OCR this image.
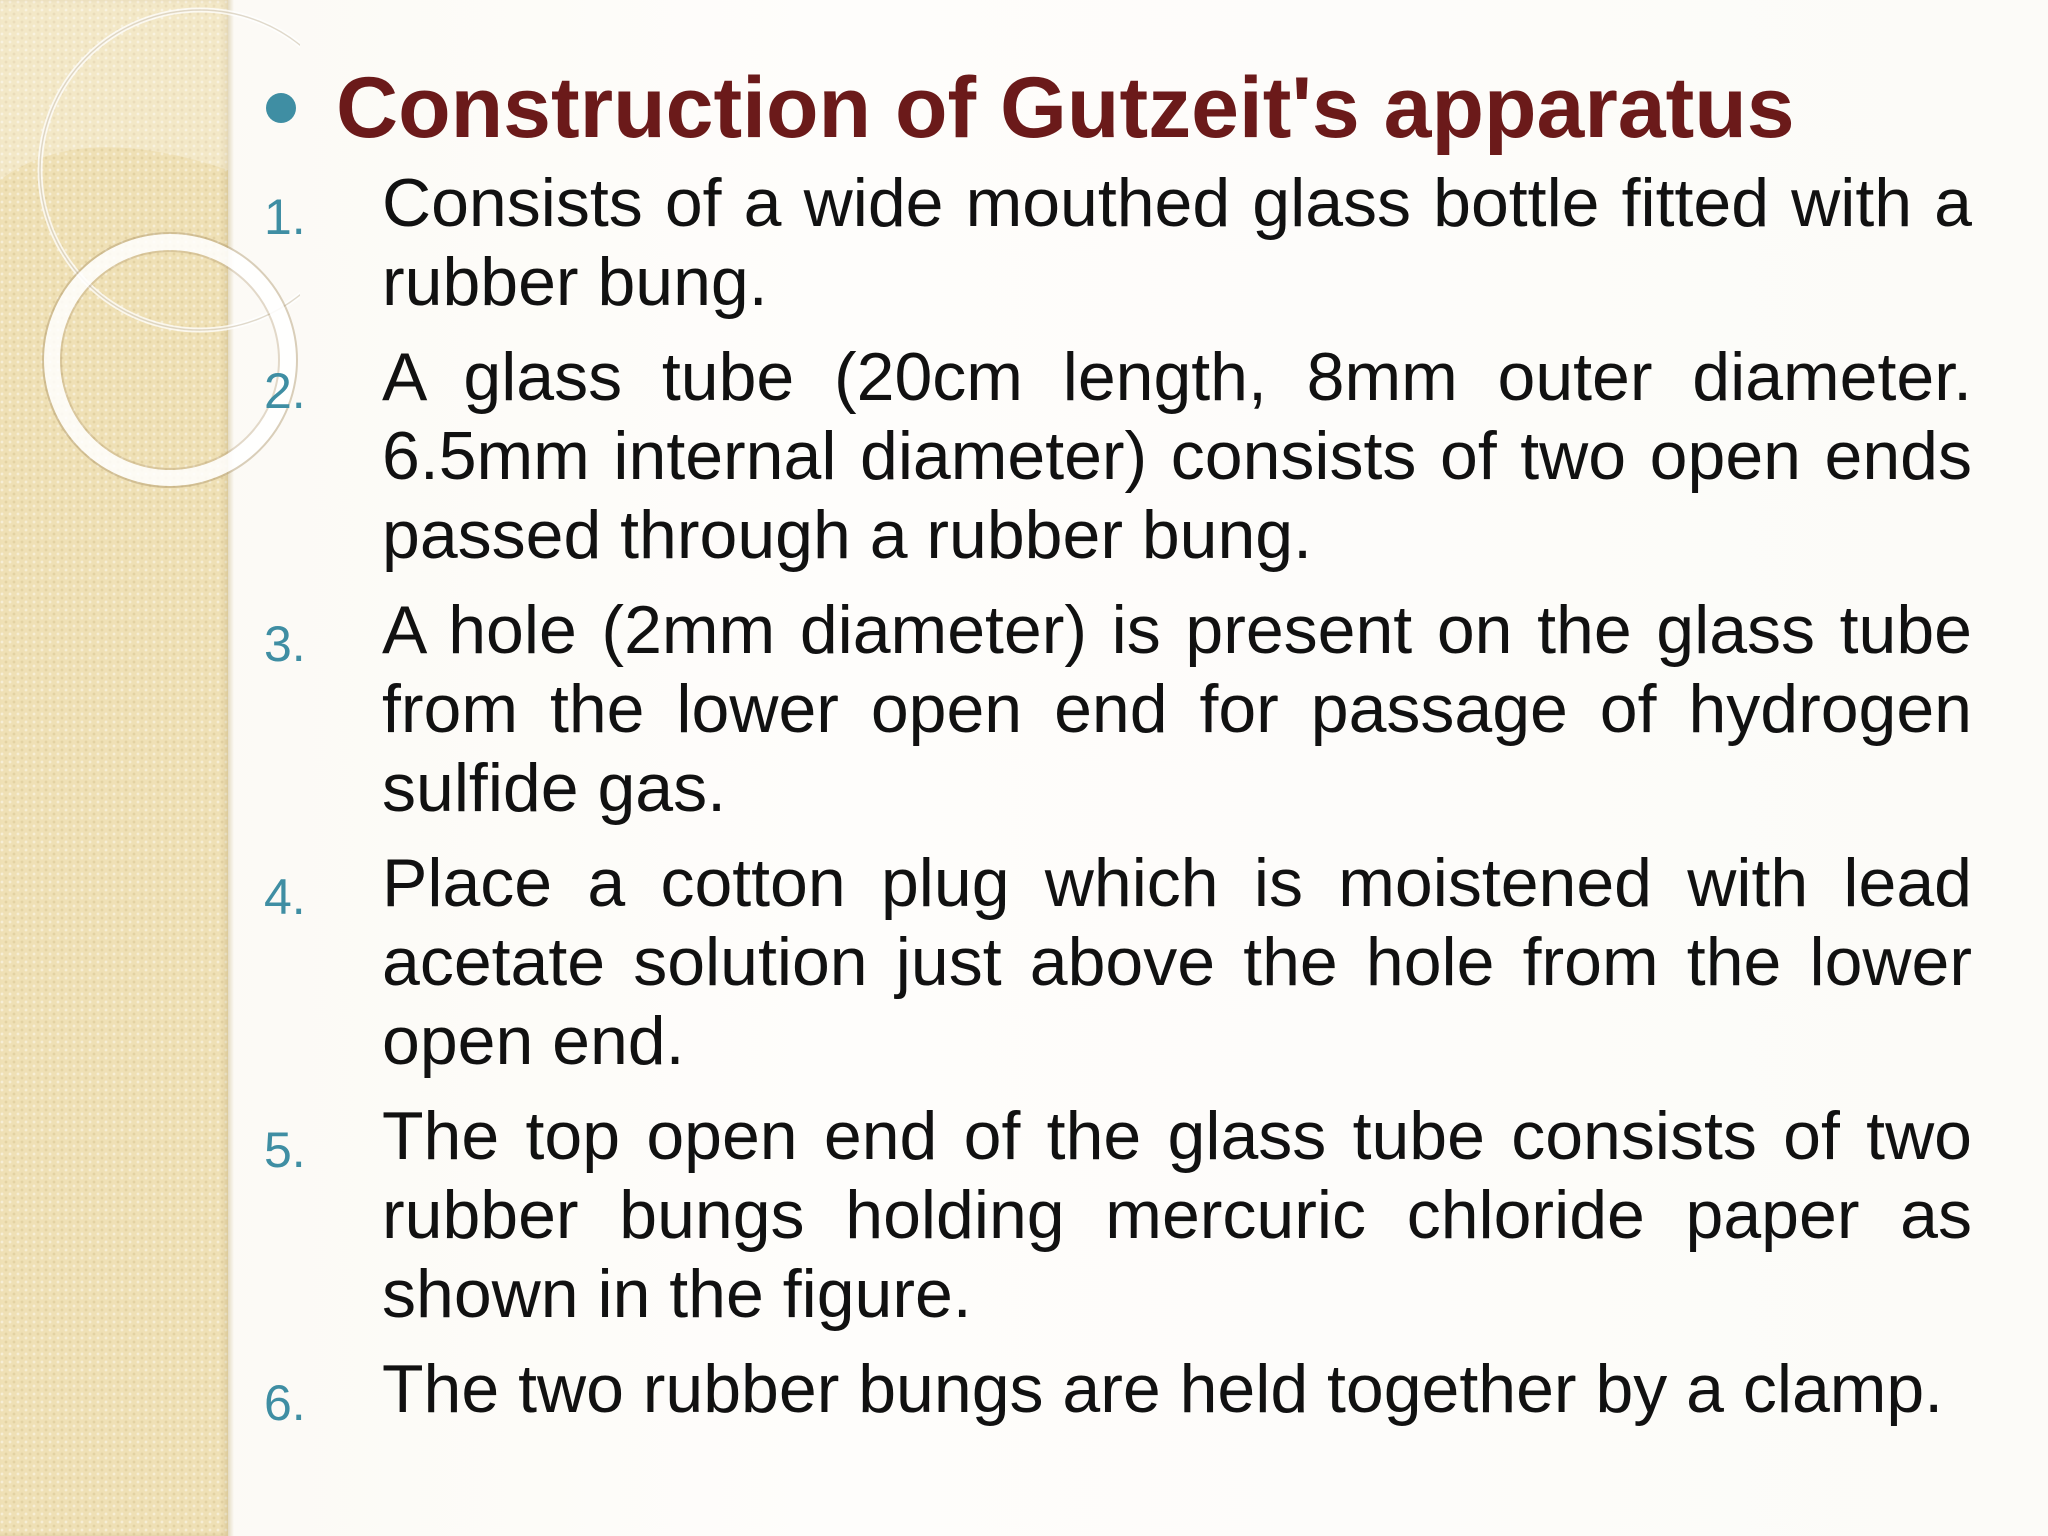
Construction of Gutzeit's apparatus
1.	Consists of a wide mouthed glass bottle fitted with a rubber bung.
2.	A glass tube (20cm length, 8mm outer diameter. 6.5mm internal diameter) consists of two open ends passed through a rubber bung.
3.	A hole (2mm diameter) is present on the glass tube from the lower open end for passage of hydrogen sulfide gas.
4.	Place a cotton plug which is moistened with lead acetate solution just above the hole from the lower open end.
5.	The top open end of the glass tube consists of two rubber bungs holding mercuric chloride paper as shown in the figure.
6.	The two rubber bungs are held together by a clamp.
